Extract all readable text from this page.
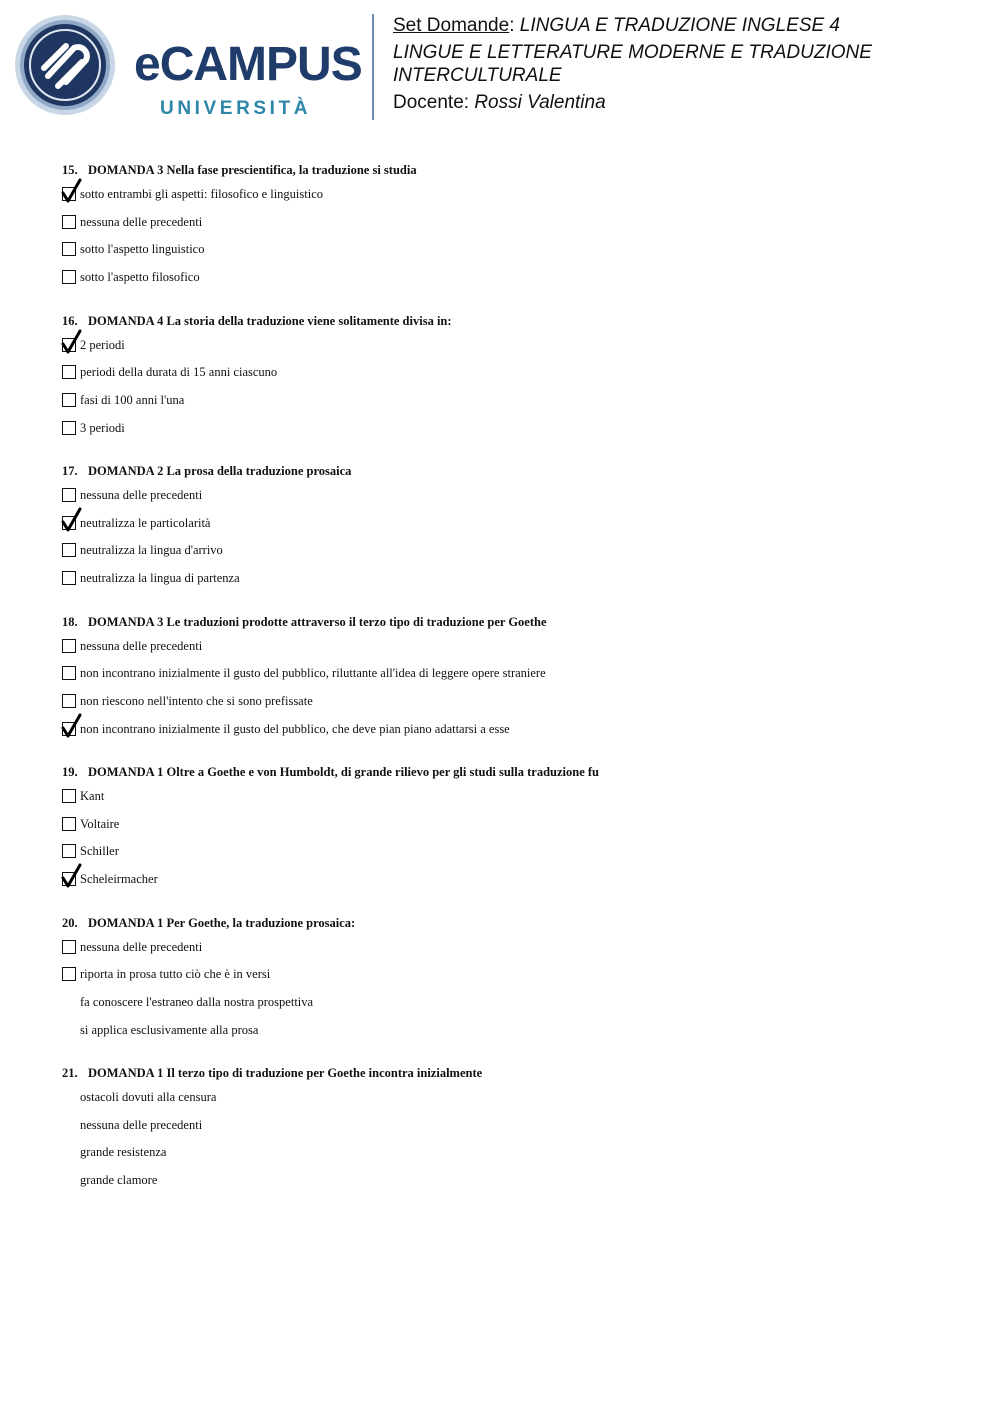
eCAMPUS
UNIVERSITÀ
Set Domande: LINGUA E TRADUZIONE INGLESE 4
LINGUE E LETTERATURE MODERNE E TRADUZIONE
INTERCULTURALE
Docente: Rossi Valentina
15. DOMANDA 3 Nella fase prescientifica, la traduzione si studia
sotto entrambi gli aspetti: filosofico e linguistico
nessuna delle precedenti
sotto l'aspetto linguistico
sotto l'aspetto filosofico
16. DOMANDA 4 La storia della traduzione viene solitamente divisa in:
2 periodi
periodi della durata di 15 anni ciascuno
fasi di 100 anni l'una
3 periodi
17. DOMANDA 2 La prosa della traduzione prosaica
nessuna delle precedenti
neutralizza le particolarità
neutralizza la lingua d'arrivo
neutralizza la lingua di partenza
18. DOMANDA 3 Le traduzioni prodotte attraverso il terzo tipo di traduzione per Goethe
nessuna delle precedenti
non incontrano inizialmente il gusto del pubblico, riluttante all'idea di leggere opere straniere
non riescono nell'intento che si sono prefissate
non incontrano inizialmente il gusto del pubblico, che deve pian piano adattarsi a esse
19. DOMANDA 1 Oltre a Goethe e von Humboldt, di grande rilievo per gli studi sulla traduzione fu
Kant
Voltaire
Schiller
Scheleirmacher
20. DOMANDA 1 Per Goethe, la traduzione prosaica:
nessuna delle precedenti
riporta in prosa tutto ciò che è in versi
fa conoscere l'estraneo dalla nostra prospettiva
si applica esclusivamente alla prosa
21. DOMANDA 1 Il terzo tipo di traduzione per Goethe incontra inizialmente
ostacoli dovuti alla censura
nessuna delle precedenti
grande resistenza
grande clamore
